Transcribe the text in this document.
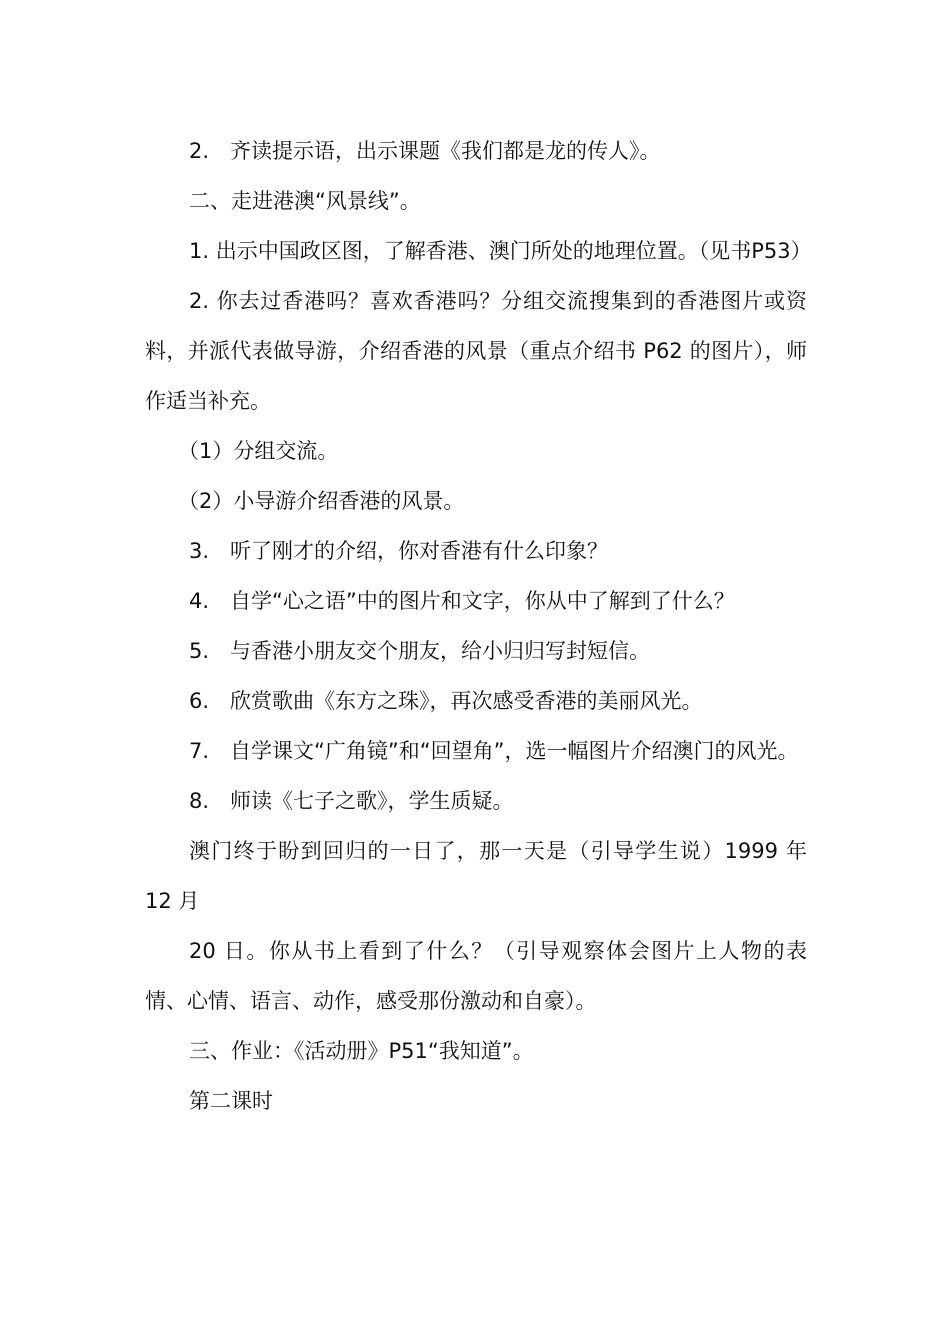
2.　齐读提示语，出示课题《我们都是龙的传人》。

二、走进港澳“风景线”。

1. 出示中国政区图，了解香港、澳门所处的地理位置。（见书P53）

2. 你去过香港吗？喜欢香港吗？分组交流搜集到的香港图片或资料，并派代表做导游，介绍香港的风景（重点介绍书 P62 的图片），师作适当补充。

（1）分组交流。

（2）小导游介绍香港的风景。

3.　听了刚才的介绍，你对香港有什么印象？

4.　自学“心之语”中的图片和文字，你从中了解到了什么？

5.　与香港小朋友交个朋友，给小归归写封短信。

6.　欣赏歌曲《东方之珠》，再次感受香港的美丽风光。

7.　自学课文“广角镜”和“回望角”，选一幅图片介绍澳门的风光。

8.　师读《七子之歌》，学生质疑。

澳门终于盼到回归的一日了，那一天是（引导学生说）1999 年 12 月

20 日。你从书上看到了什么？（引导观察体会图片上人物的表情、心情、语言、动作，感受那份激动和自豪）。

三、作业：《活动册》P51“我知道”。

第二课时
